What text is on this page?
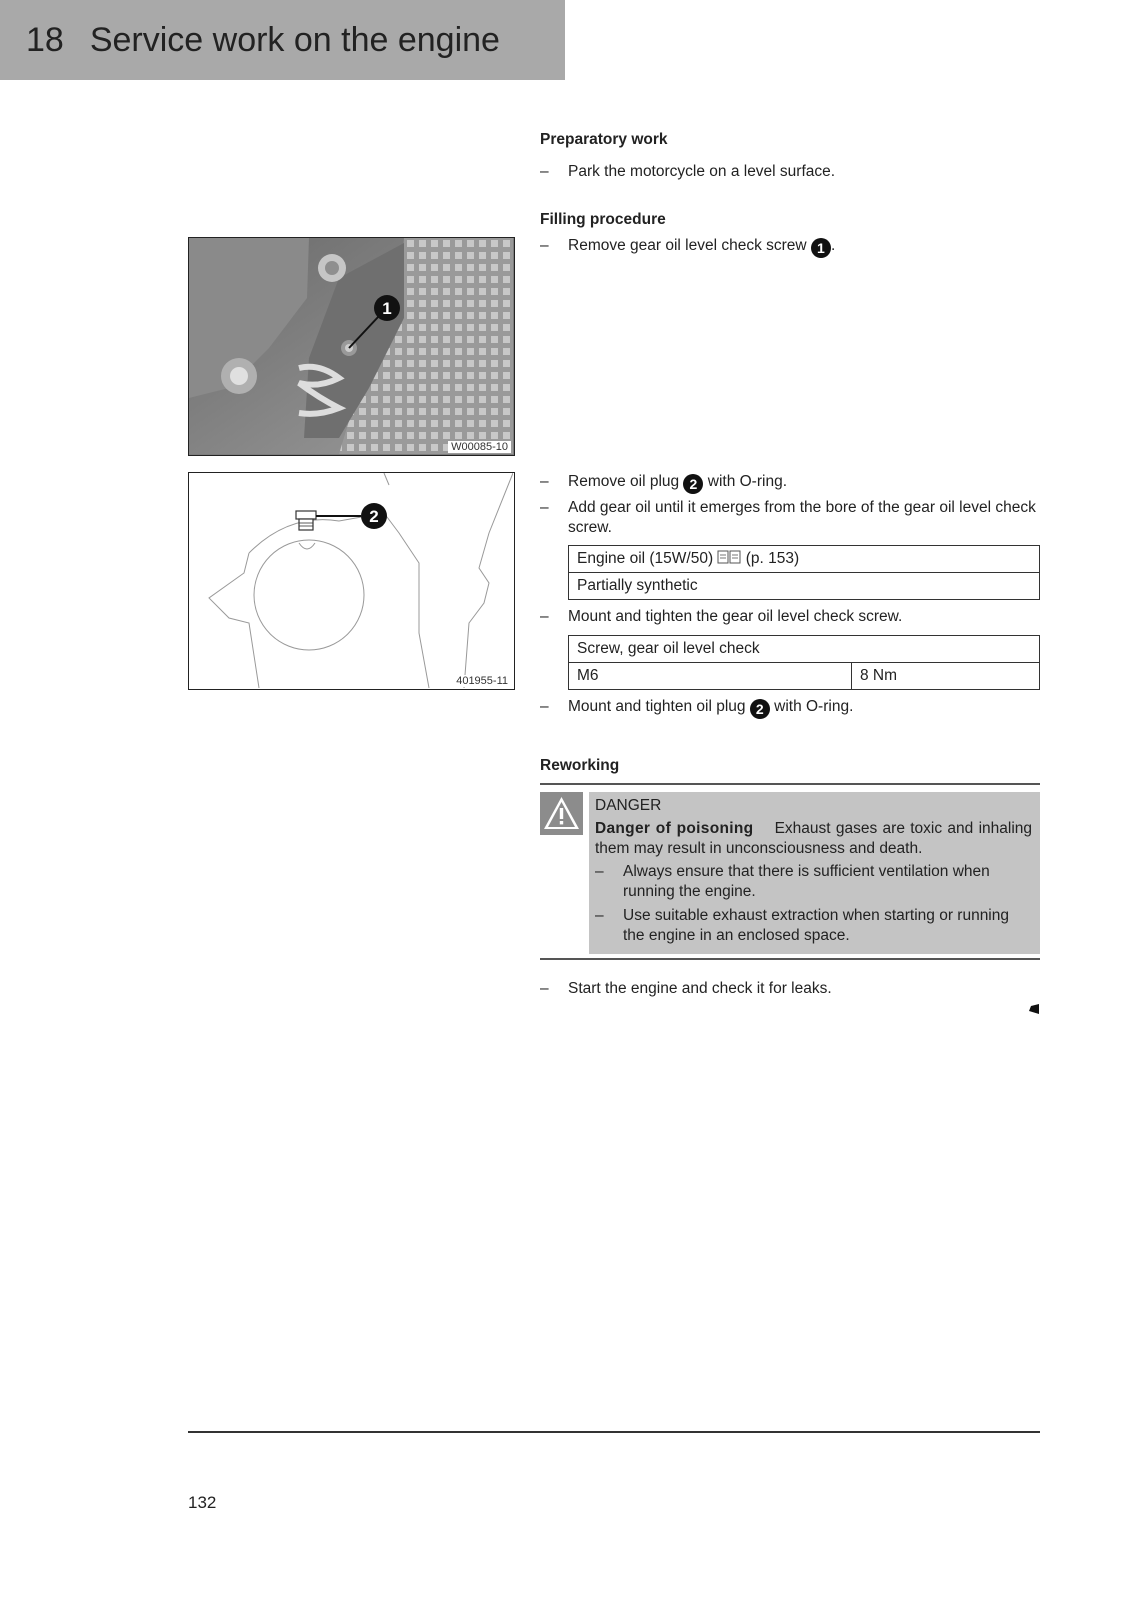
18 Service work on the engine
1
W00085-10
2
401955-11
Preparatory work
– Park the motorcycle on a level surface.
Filling procedure
– Remove gear oil level check screw 1 .
– Remove oil plug 2 with O-ring.
– Add gear oil until it emerges from the bore of the gear oil level check screw.
Engine oil (15W/50)  (p. 153)
Partially synthetic
– Mount and tighten the gear oil level check screw.
Screw, gear oil level check
M6	8 Nm
– Mount and tighten oil plug 2 with O-ring.
Reworking
DANGER
Danger of poisoning Exhaust gases are toxic and inhaling them may result in unconsciousness and death.
– Always ensure that there is sufficient ventilation when running the engine.
– Use suitable exhaust extraction when starting or running the engine in an enclosed space.
– Start the engine and check it for leaks.
132
